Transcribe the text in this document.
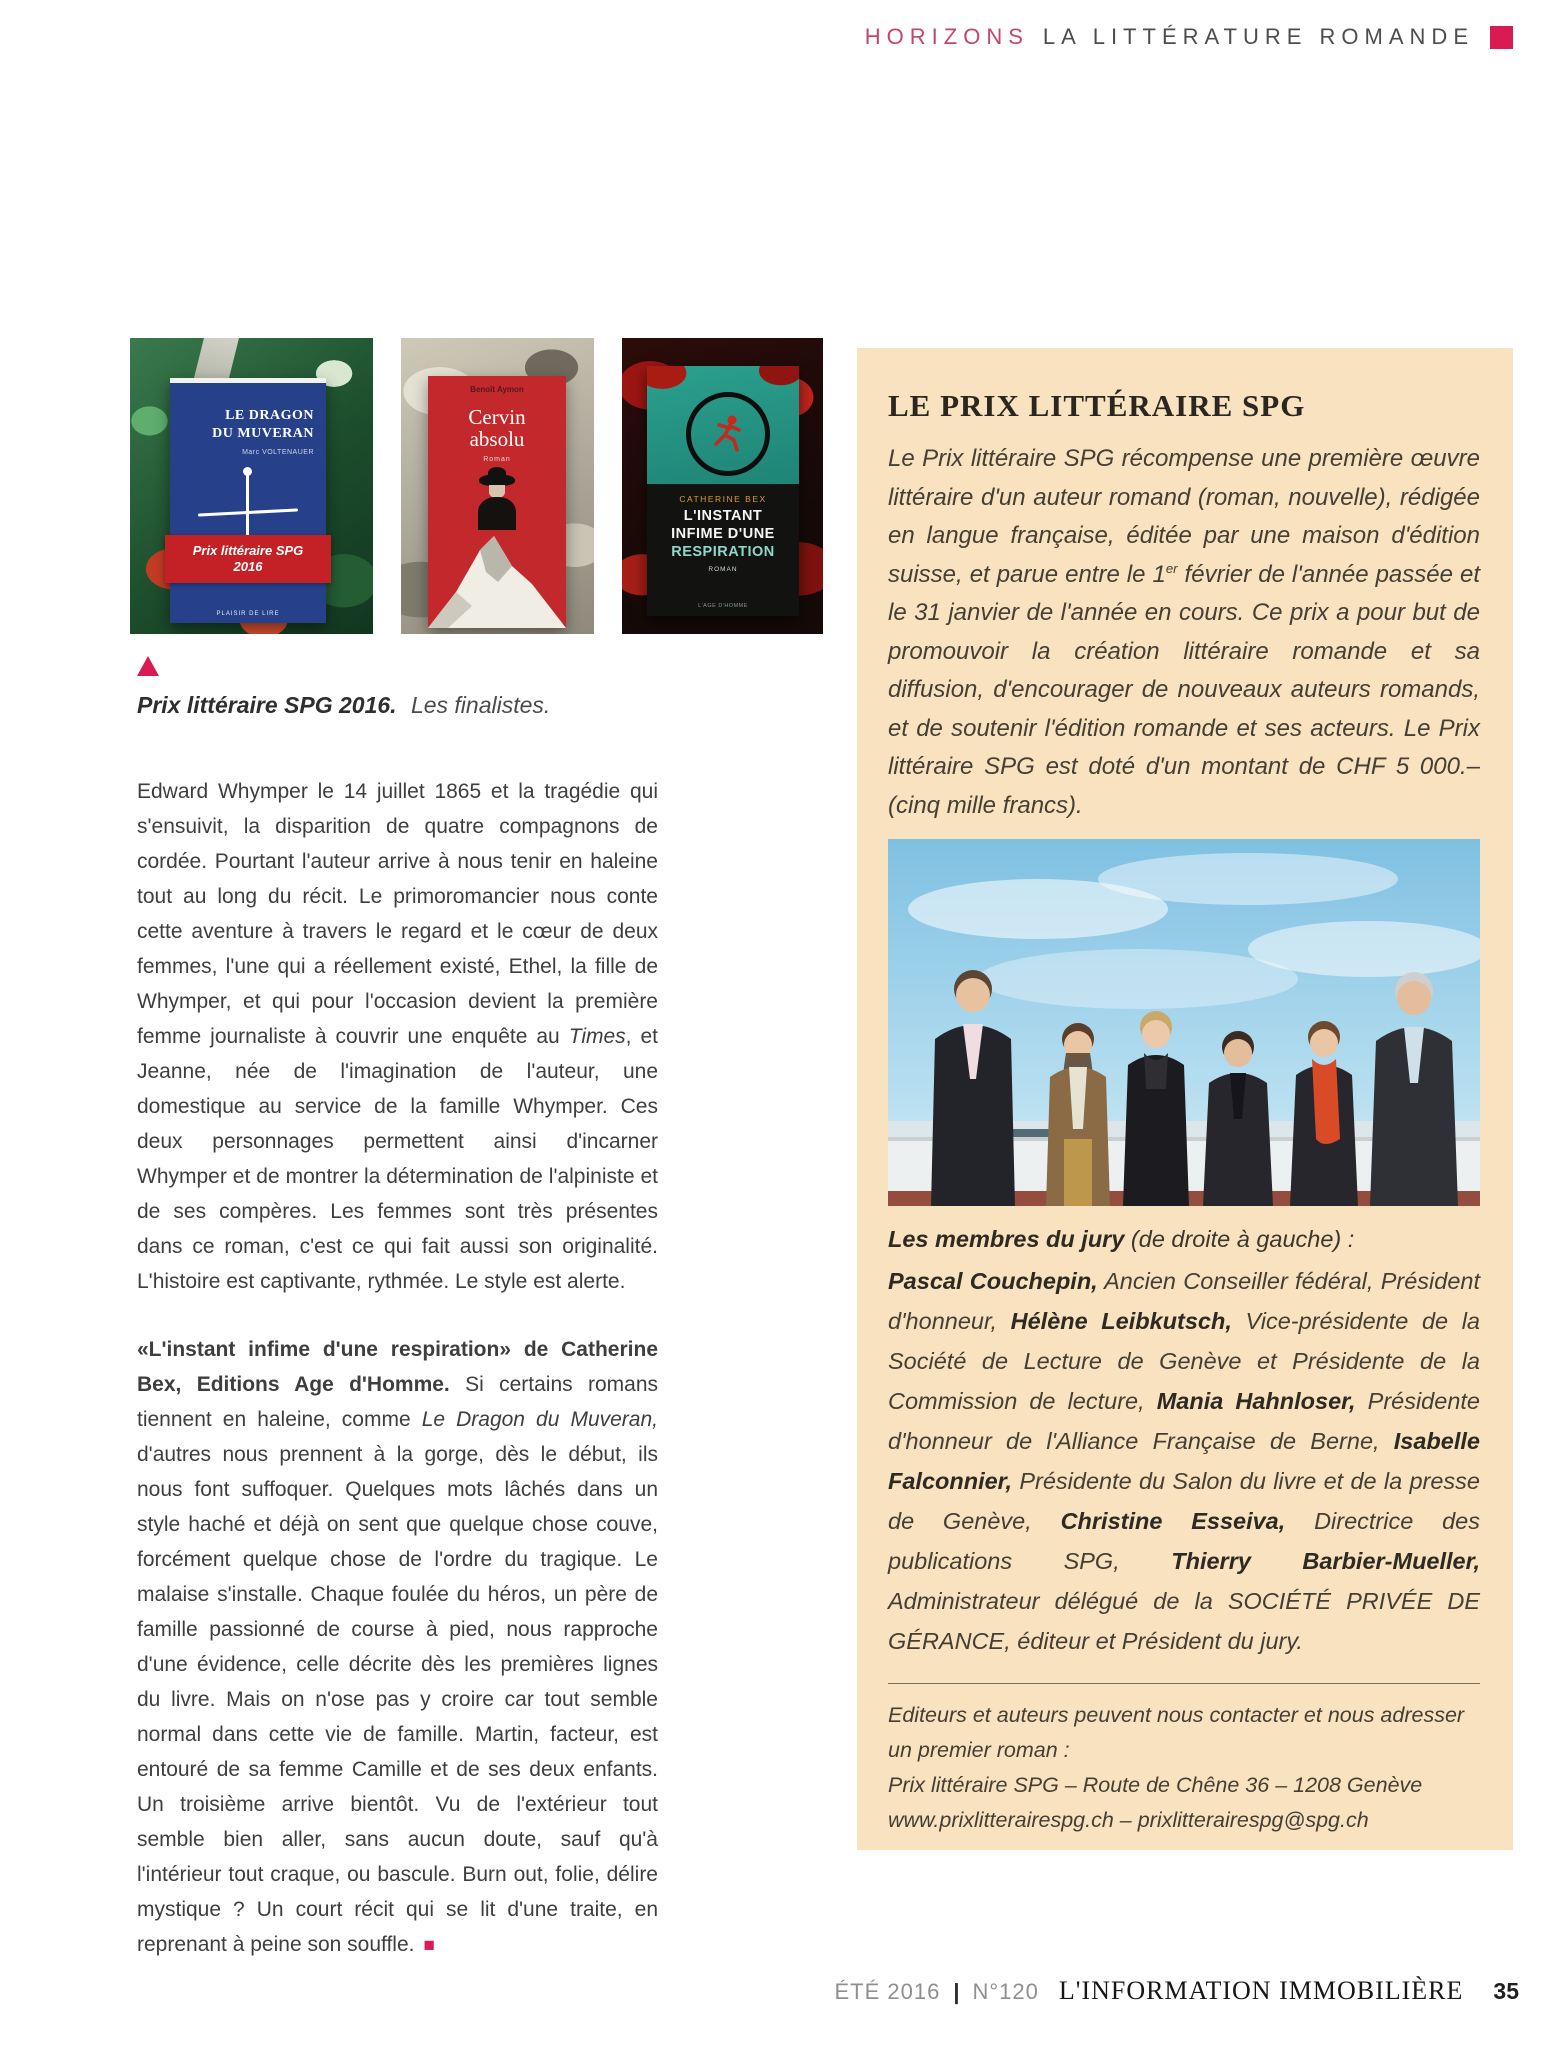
HORIZONS LA LITTÉRATURE ROMANDE
LE DRAGON
DU MUVERAN
Marc VOLTENAUER
Prix littéraire SPG
2016
PLAISIR DE LIRE
Benoît Aymon
Cervin
absolu
Roman
CATHERINE BEX
L'INSTANT
INFIME D'UNE
RESPIRATION
ROMAN
L'AGE D'HOMME
Prix littéraire SPG 2016. Les finalistes.

Edward Whymper le 14 juillet 1865 et la tragédie qui s'ensuivit, la disparition de quatre compagnons de cordée. Pourtant l'auteur arrive à nous tenir en haleine tout au long du récit. Le primoromancier nous conte cette aventure à travers le regard et le cœur de deux femmes, l'une qui a réellement existé, Ethel, la fille de Whymper, et qui pour l'occasion devient la première femme journaliste à couvrir une enquête au Times, et Jeanne, née de l'imagination de l'auteur, une domestique au service de la famille Whymper. Ces deux personnages permettent ainsi d'incarner Whymper et de montrer la détermination de l'alpiniste et de ses compères. Les femmes sont très présentes dans ce roman, c'est ce qui fait aussi son originalité. L'histoire est captivante, rythmée. Le style est alerte.

«L'instant infime d'une respiration» de Catherine Bex, Editions Age d'Homme. Si certains romans tiennent en haleine, comme Le Dragon du Muveran, d'autres nous prennent à la gorge, dès le début, ils nous font suffoquer. Quelques mots lâchés dans un style haché et déjà on sent que quelque chose couve, forcément quelque chose de l'ordre du tragique. Le malaise s'installe. Chaque foulée du héros, un père de famille passionné de course à pied, nous rapproche d'une évidence, celle décrite dès les premières lignes du livre. Mais on n'ose pas y croire car tout semble normal dans cette vie de famille. Martin, facteur, est entouré de sa femme Camille et de ses deux enfants. Un troisième arrive bientôt. Vu de l'extérieur tout semble bien aller, sans aucun doute, sauf qu'à l'intérieur tout craque, ou bascule. Burn out, folie, délire mystique ? Un court récit qui se lit d'une traite, en reprenant à peine son souffle. ■

LE PRIX LITTÉRAIRE SPG

Le Prix littéraire SPG récompense une première œuvre littéraire d'un auteur romand (roman, nouvelle), rédigée en langue française, éditée par une maison d'édition suisse, et parue entre le 1er février de l'année passée et le 31 janvier de l'année en cours. Ce prix a pour but de promouvoir la création littéraire romande et sa diffusion, d'encourager de nouveaux auteurs romands, et de soutenir l'édition romande et ses acteurs. Le Prix littéraire SPG est doté d'un montant de CHF 5 000.– (cinq mille francs).

Les membres du jury (de droite à gauche) :

Pascal Couchepin, Ancien Conseiller fédéral, Président d'honneur, Hélène Leibkutsch, Vice-présidente de la Société de Lecture de Genève et Présidente de la Commission de lecture, Mania Hahnloser, Présidente d'honneur de l'Alliance Française de Berne, Isabelle Falconnier, Présidente du Salon du livre et de la presse de Genève, Christine Esseiva, Directrice des publications SPG, Thierry Barbier-Mueller, Administrateur délégué de la SOCIÉTÉ PRIVÉE DE GÉRANCE, éditeur et Président du jury.

Editeurs et auteurs peuvent nous contacter et nous adresser un premier roman :
Prix littéraire SPG – Route de Chêne 36 – 1208 Genève
www.prixlitterairespg.ch – prixlitterairespg@spg.ch
ÉTÉ 2016 | N°120 L'INFORMATION IMMOBILIÈRE 35
